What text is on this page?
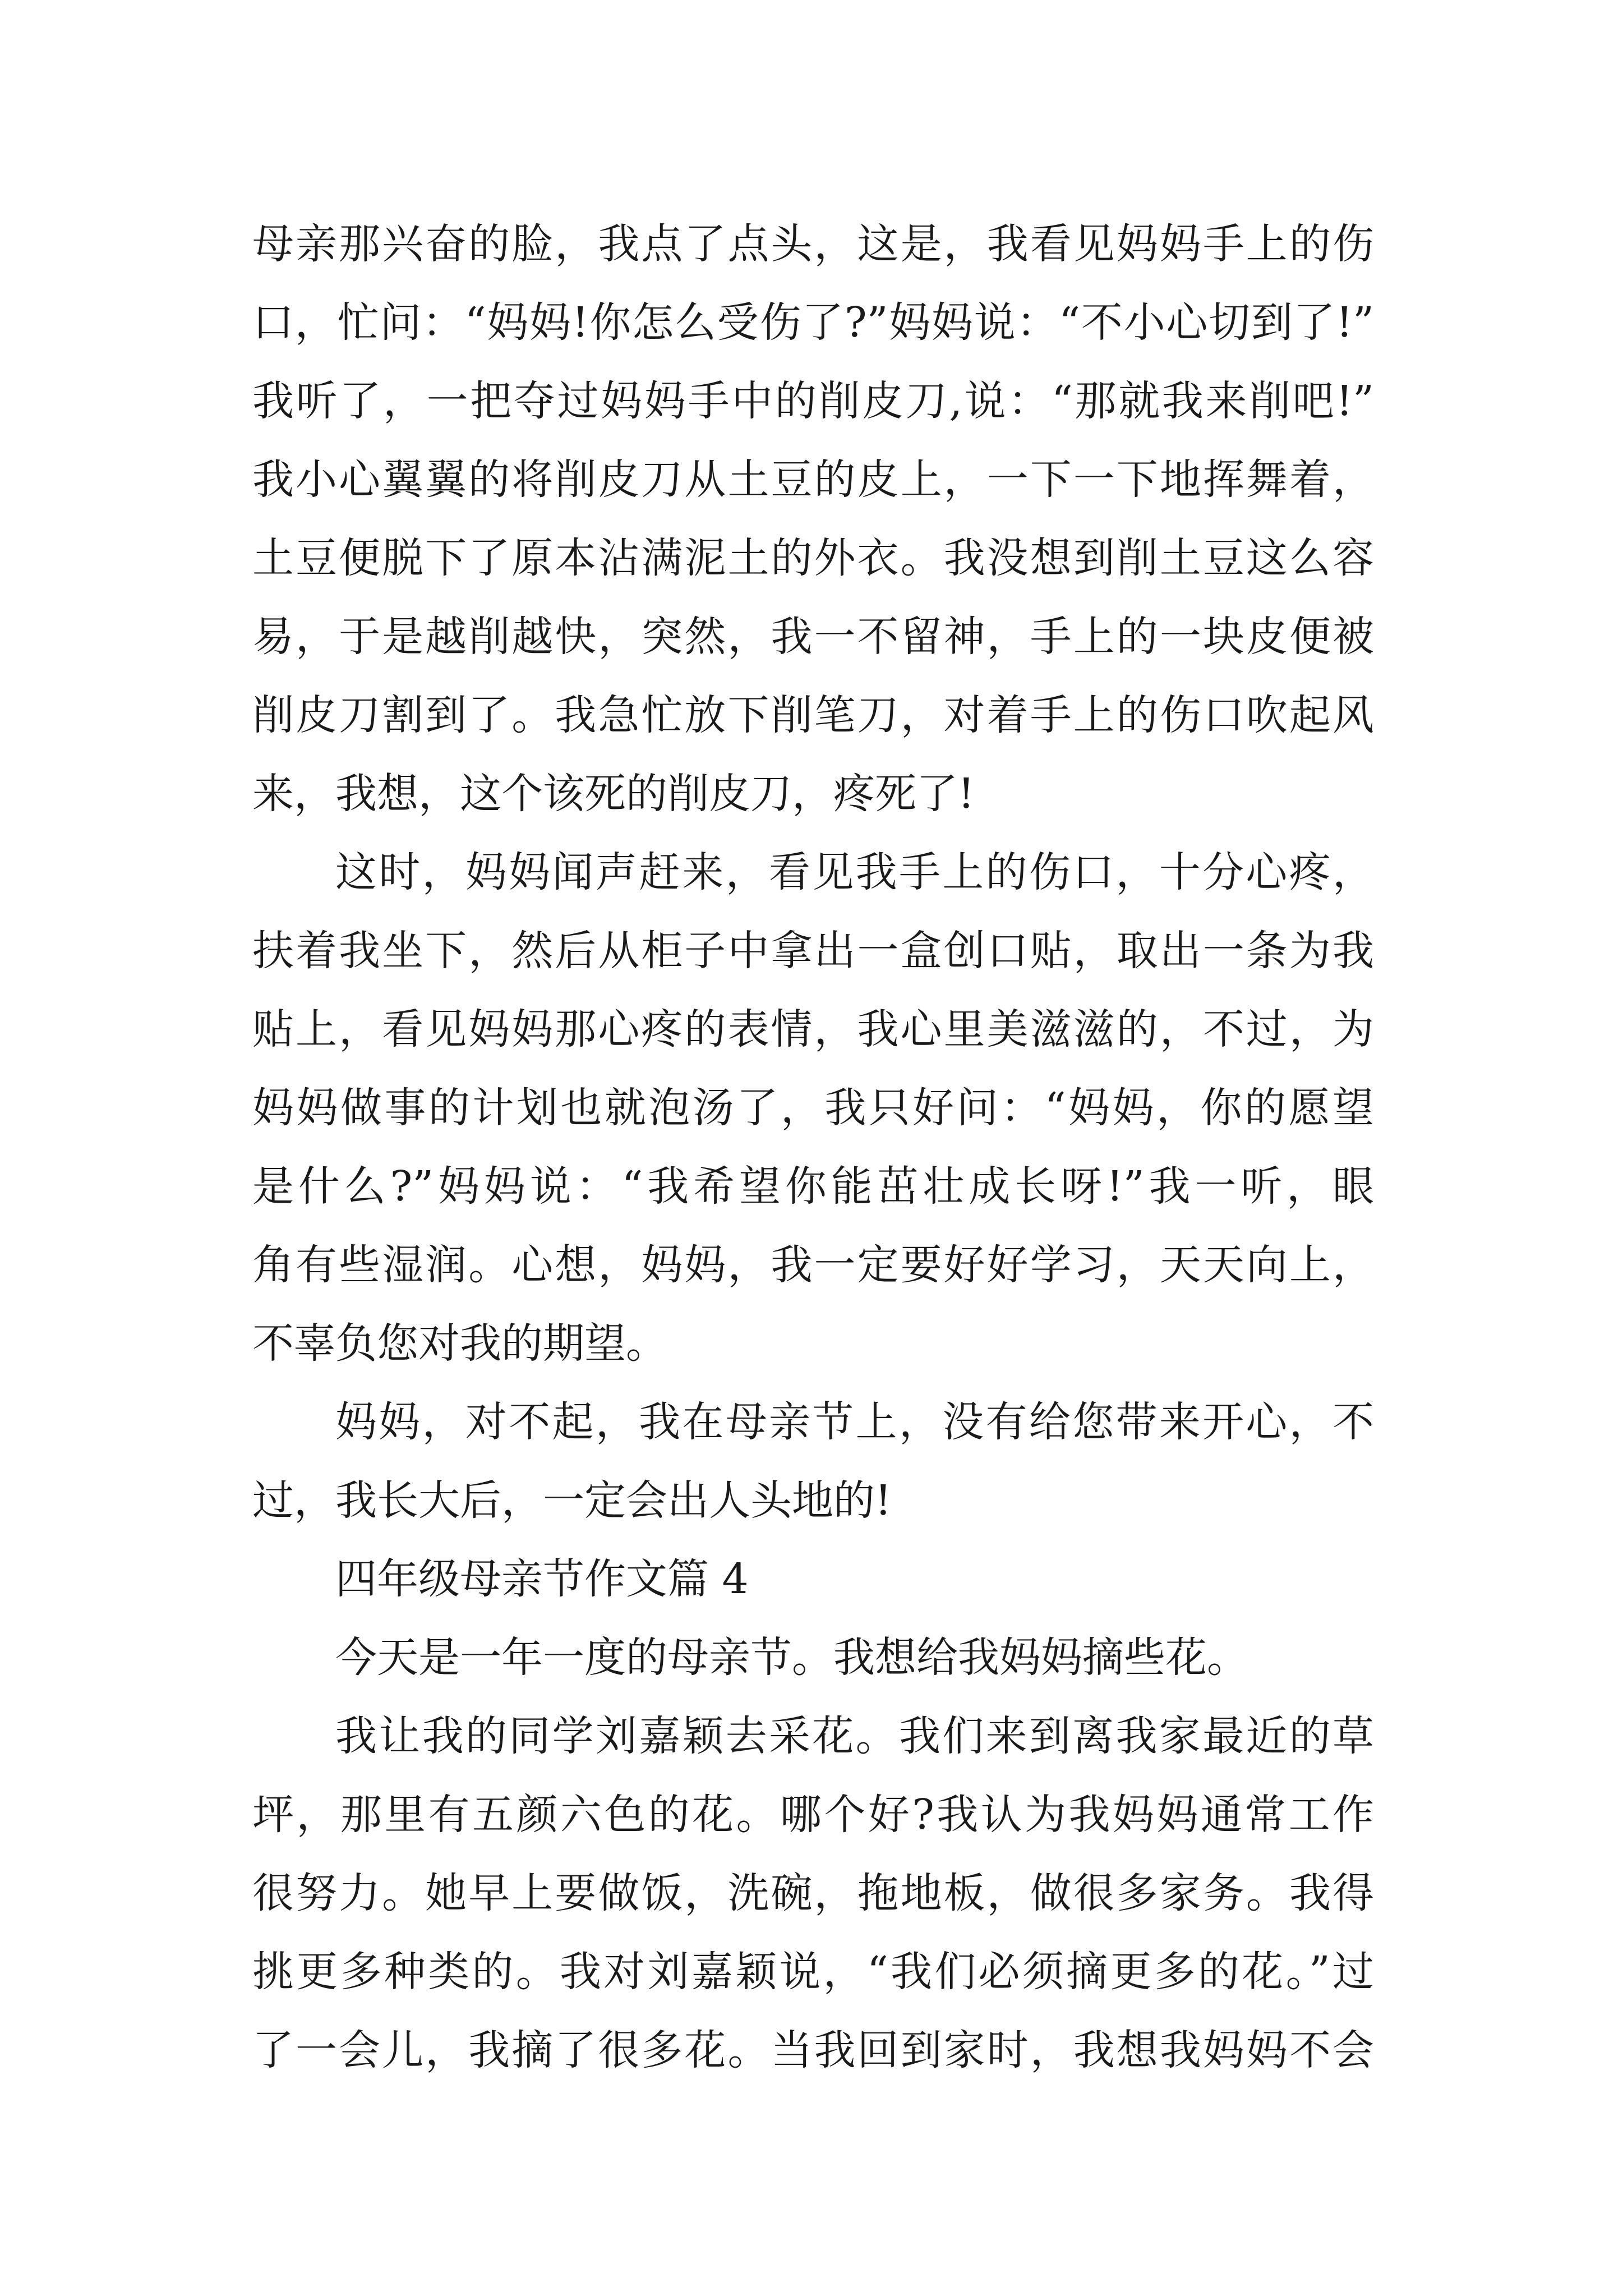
母亲那兴奋的脸，我点了点头，这是，我看见妈妈手上的伤
口，忙问：“妈妈!你怎么受伤了?”妈妈说：“不小心切到了!”
我听了，一把夺过妈妈手中的削皮刀,说：“那就我来削吧!”
我小心翼翼的将削皮刀从土豆的皮上，一下一下地挥舞着，
土豆便脱下了原本沾满泥土的外衣。我没想到削土豆这么容
易，于是越削越快，突然，我一不留神，手上的一块皮便被
削皮刀割到了。我急忙放下削笔刀，对着手上的伤口吹起风
来，我想，这个该死的削皮刀，疼死了!
这时，妈妈闻声赶来，看见我手上的伤口，十分心疼，
扶着我坐下，然后从柜子中拿出一盒创口贴，取出一条为我
贴上，看见妈妈那心疼的表情，我心里美滋滋的，不过，为
妈妈做事的计划也就泡汤了，我只好问：“妈妈，你的愿望
是什么?”妈妈说：“我希望你能茁壮成长呀!”我一听，眼
角有些湿润。心想，妈妈，我一定要好好学习，天天向上，
不辜负您对我的期望。
妈妈，对不起，我在母亲节上，没有给您带来开心，不
过，我长大后，一定会出人头地的!
四年级母亲节作文篇 4
今天是一年一度的母亲节。我想给我妈妈摘些花。
我让我的同学刘嘉颖去采花。我们来到离我家最近的草
坪，那里有五颜六色的花。哪个好?我认为我妈妈通常工作
很努力。她早上要做饭，洗碗，拖地板，做很多家务。我得
挑更多种类的。我对刘嘉颖说，“我们必须摘更多的花。”过
了一会儿，我摘了很多花。当我回到家时，我想我妈妈不会
